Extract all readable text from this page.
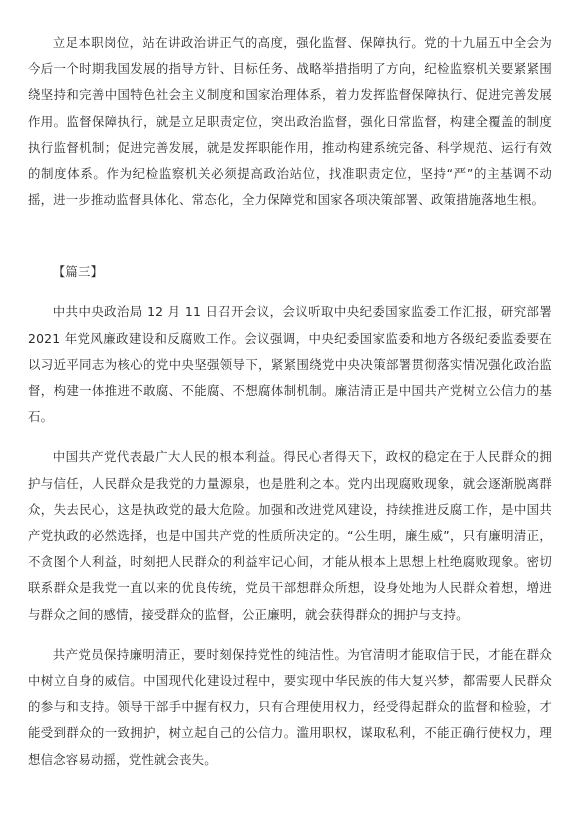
立足本职岗位，站在讲政治讲正气的高度，强化监督、保障执行。党的十九届五中全会为今后一个时期我国发展的指导方针、目标任务、战略举措指明了方向，纪检监察机关要紧紧围绕坚持和完善中国特色社会主义制度和国家治理体系，着力发挥监督保障执行、促进完善发展作用。监督保障执行，就是立足职责定位，突出政治监督，强化日常监督，构建全覆盖的制度执行监督机制；促进完善发展，就是发挥职能作用，推动构建系统完备、科学规范、运行有效的制度体系。作为纪检监察机关必须提高政治站位，找准职责定位，坚持“严”的主基调不动摇，进一步推动监督具体化、常态化，全力保障党和国家各项决策部署、政策措施落地生根。

【篇三】

中共中央政治局 12 月 11 日召开会议，会议听取中央纪委国家监委工作汇报，研究部署 2021 年党风廉政建设和反腐败工作。会议强调，中央纪委国家监委和地方各级纪委监委要在以习近平同志为核心的党中央坚强领导下，紧紧围绕党中央决策部署贯彻落实情况强化政治监督，构建一体推进不敢腐、不能腐、不想腐体制机制。廉洁清正是中国共产党树立公信力的基石。

中国共产党代表最广大人民的根本利益。得民心者得天下，政权的稳定在于人民群众的拥护与信任，人民群众是我党的力量源泉，也是胜利之本。党内出现腐败现象，就会逐渐脱离群众，失去民心，这是执政党的最大危险。加强和改进党风建设，持续推进反腐工作，是中国共产党执政的必然选择，也是中国共产党的性质所决定的。“公生明，廉生威”，只有廉明清正，不贪图个人利益，时刻把人民群众的利益牢记心间，才能从根本上思想上杜绝腐败现象。密切联系群众是我党一直以来的优良传统，党员干部想群众所想，设身处地为人民群众着想，增进与群众之间的感情，接受群众的监督，公正廉明，就会获得群众的拥护与支持。

共产党员保持廉明清正，要时刻保持党性的纯洁性。为官清明才能取信于民，才能在群众中树立自身的威信。中国现代化建设过程中，要实现中华民族的伟大复兴梦，都需要人民群众的参与和支持。领导干部手中握有权力，只有合理使用权力，经受得起群众的监督和检验，才能受到群众的一致拥护，树立起自己的公信力。滥用职权，谋取私利，不能正确行使权力，理想信念容易动摇，党性就会丧失。
